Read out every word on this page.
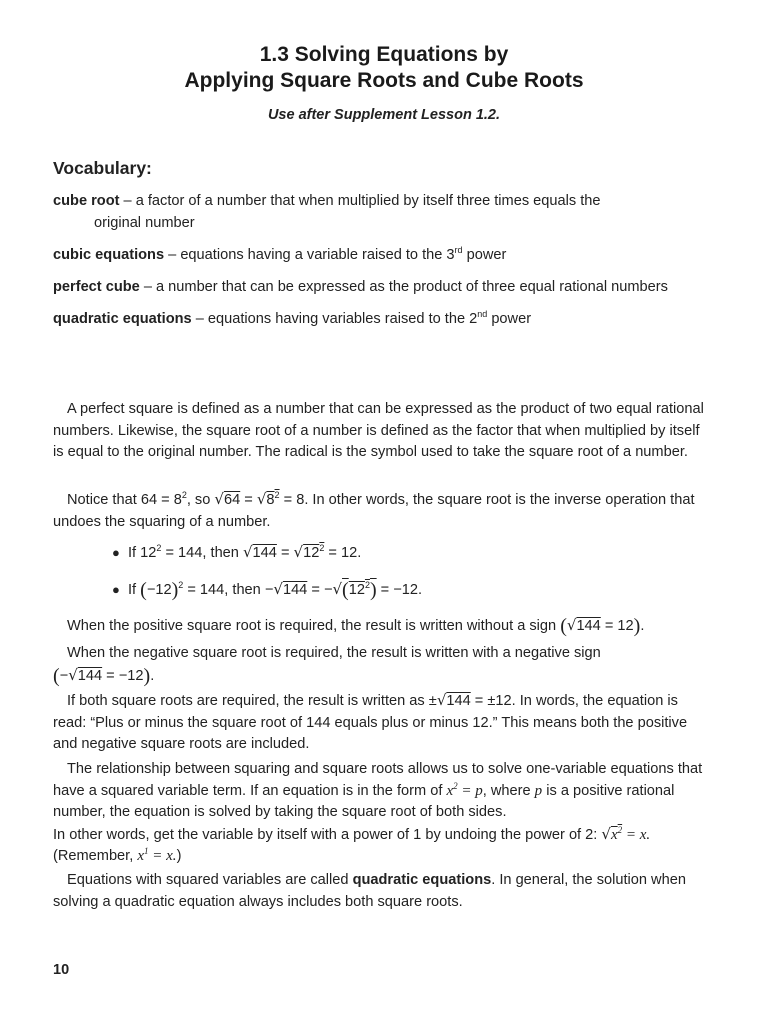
1.3 Solving Equations by
Applying Square Roots and Cube Roots
Use after Supplement Lesson 1.2.
Vocabulary:
cube root – a factor of a number that when multiplied by itself three times equals the
original number
cubic equations – equations having a variable raised to the 3rd power
perfect cube – a number that can be expressed as the product of three equal rational numbers
quadratic equations – equations having variables raised to the 2nd power
A perfect square is defined as a number that can be expressed as the product of two equal rational numbers. Likewise, the square root of a number is defined as the factor that when multiplied by itself is equal to the original number. The radical is the symbol used to take the square root of a number.
Notice that $64 = 8^2$, so $√64 = √8^2 = 8$. In other words, the square root is the inverse operation that undoes the squaring of a number.
● If $12^2 = 144$, then $√144 = √12^2 = 12$.
● If $(-12)^2 = 144$, then $-√144 = -√(12^2) = -12$.
When the positive square root is required, the result is written without a sign (√144 = 12).
When the negative square root is required, the result is written with a negative sign
(−√144 = −12).
If both square roots are required, the result is written as ±√144 = ±12. In words, the equation is read: “Plus or minus the square root of 144 equals plus or minus 12.” This means both the positive and negative square roots are included.
The relationship between squaring and square roots allows us to solve one-variable equations that have a squared variable term. If an equation is in the form of $x^2 = p$, where p is a positive rational number, the equation is solved by taking the square root of both sides.
In other words, get the variable by itself with a power of 1 by undoing the power of 2: $√x^2 = x$.
(Remember, $x^1 = x$.)
Equations with squared variables are called quadratic equations. In general, the solution when solving a quadratic equation always includes both square roots.
10
